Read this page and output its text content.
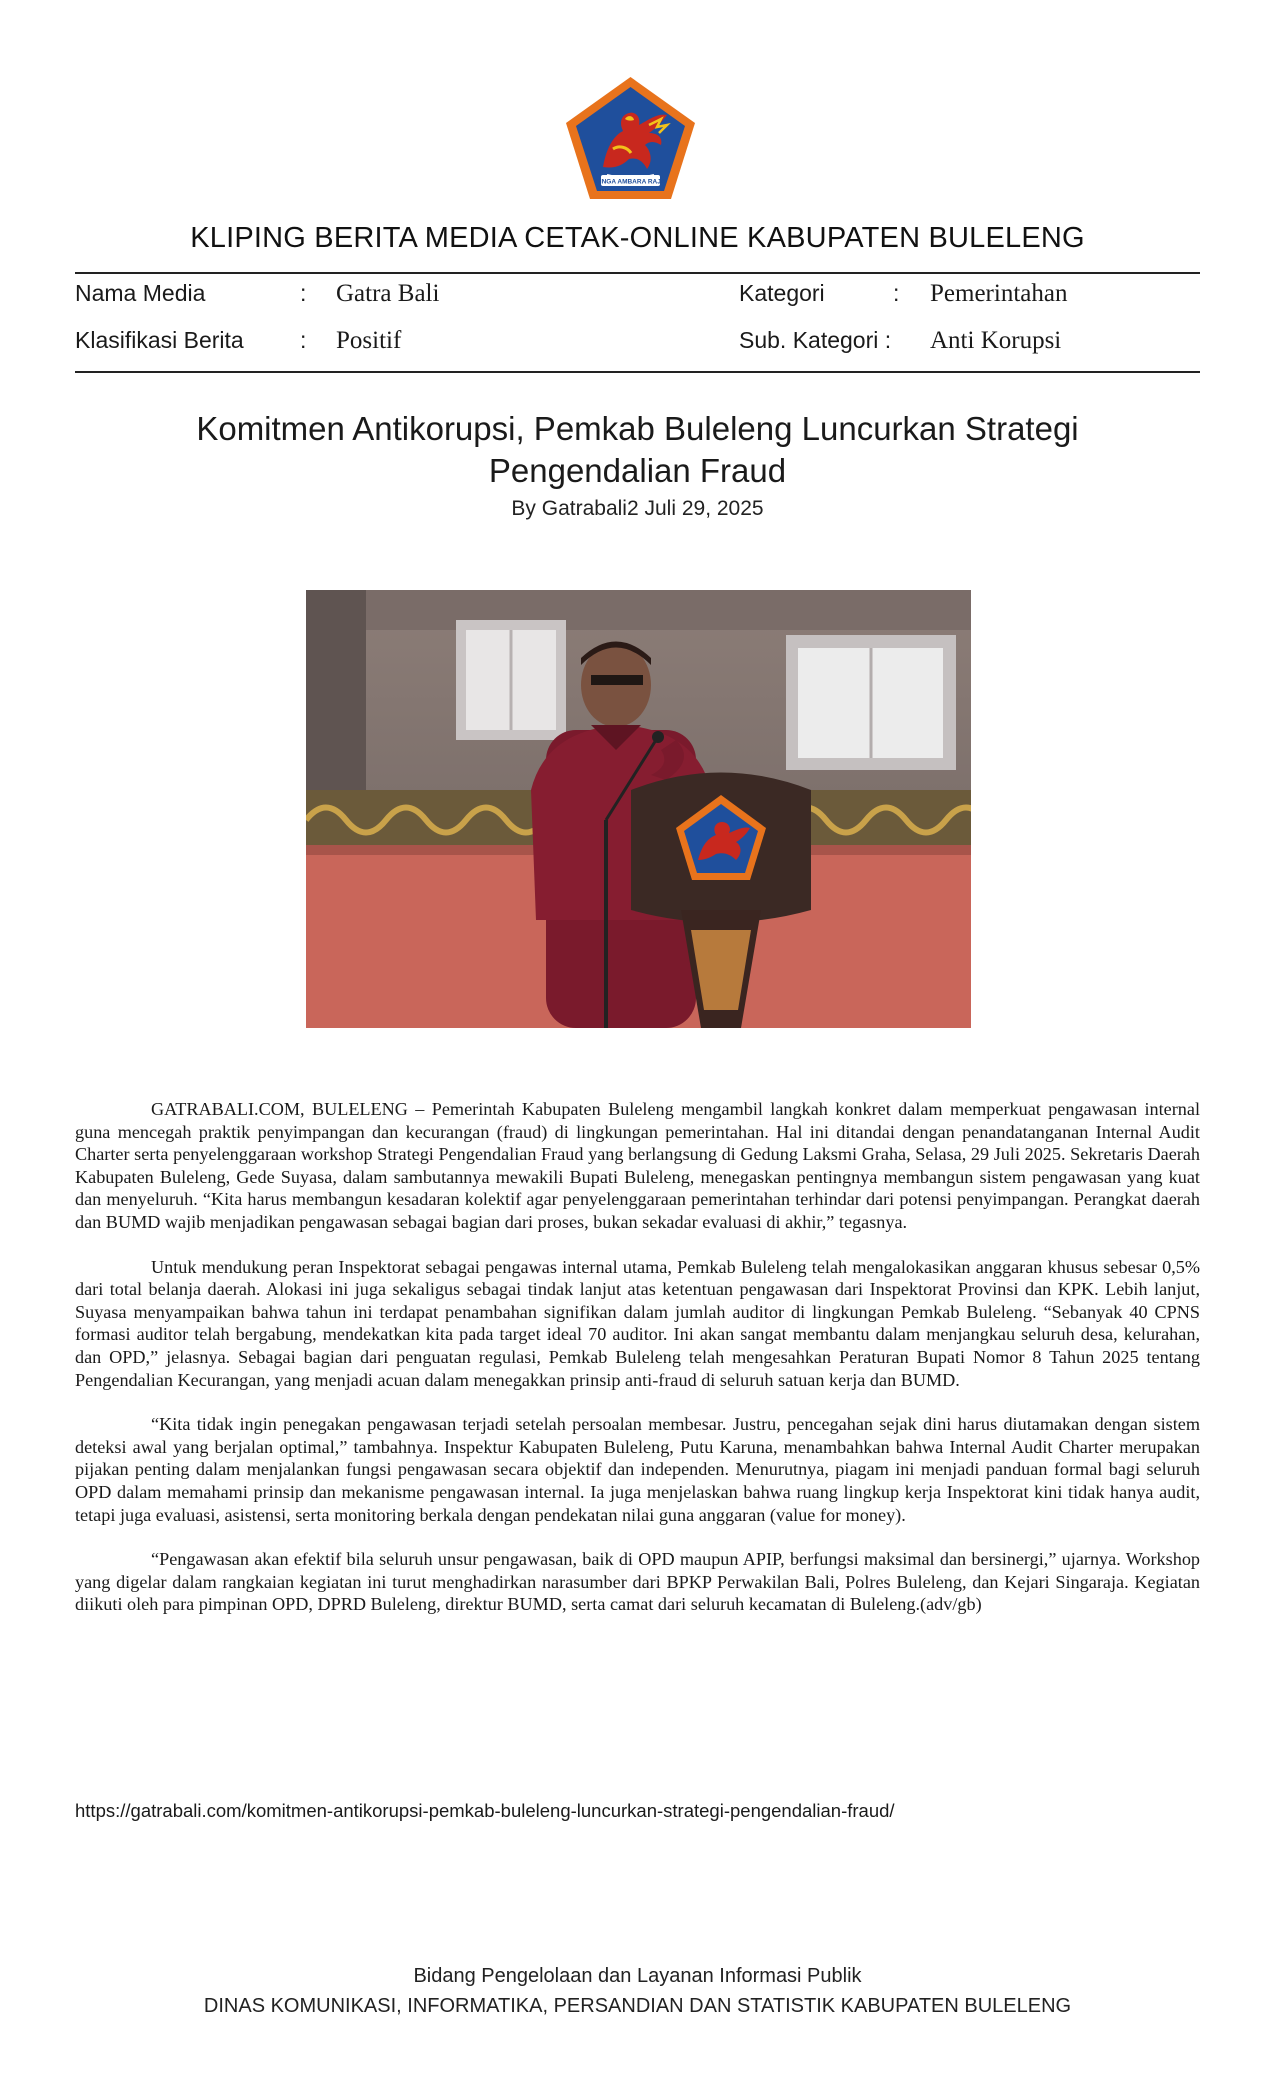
SINGA AMBARA RAJA
KLIPING BERITA MEDIA CETAK-ONLINE KABUPATEN BULELENG
Nama Media	: Gatra Bali	Kategori	: Pemerintahan
Klasifikasi Berita : Positif	Sub. Kategori : Anti Korupsi
Komitmen Antikorupsi, Pemkab Buleleng Luncurkan Strategi Pengendalian Fraud
By Gatrabali2 Juli 29, 2025

GATRABALI.COM, BULELENG – Pemerintah Kabupaten Buleleng mengambil langkah konkret dalam memperkuat pengawasan internal guna mencegah praktik penyimpangan dan kecurangan (fraud) di lingkungan pemerintahan. Hal ini ditandai dengan penandatanganan Internal Audit Charter serta penyelenggaraan workshop Strategi Pengendalian Fraud yang berlangsung di Gedung Laksmi Graha, Selasa, 29 Juli 2025. Sekretaris Daerah Kabupaten Buleleng, Gede Suyasa, dalam sambutannya mewakili Bupati Buleleng, menegaskan pentingnya membangun sistem pengawasan yang kuat dan menyeluruh. “Kita harus membangun kesadaran kolektif agar penyelenggaraan pemerintahan terhindar dari potensi penyimpangan. Perangkat daerah dan BUMD wajib menjadikan pengawasan sebagai bagian dari proses, bukan sekadar evaluasi di akhir,” tegasnya.

Untuk mendukung peran Inspektorat sebagai pengawas internal utama, Pemkab Buleleng telah mengalokasikan anggaran khusus sebesar 0,5% dari total belanja daerah. Alokasi ini juga sekaligus sebagai tindak lanjut atas ketentuan pengawasan dari Inspektorat Provinsi dan KPK. Lebih lanjut, Suyasa menyampaikan bahwa tahun ini terdapat penambahan signifikan dalam jumlah auditor di lingkungan Pemkab Buleleng. “Sebanyak 40 CPNS formasi auditor telah bergabung, mendekatkan kita pada target ideal 70 auditor. Ini akan sangat membantu dalam menjangkau seluruh desa, kelurahan, dan OPD,” jelasnya. Sebagai bagian dari penguatan regulasi, Pemkab Buleleng telah mengesahkan Peraturan Bupati Nomor 8 Tahun 2025 tentang Pengendalian Kecurangan, yang menjadi acuan dalam menegakkan prinsip anti-fraud di seluruh satuan kerja dan BUMD.

“Kita tidak ingin penegakan pengawasan terjadi setelah persoalan membesar. Justru, pencegahan sejak dini harus diutamakan dengan sistem deteksi awal yang berjalan optimal,” tambahnya. Inspektur Kabupaten Buleleng, Putu Karuna, menambahkan bahwa Internal Audit Charter merupakan pijakan penting dalam menjalankan fungsi pengawasan secara objektif dan independen. Menurutnya, piagam ini menjadi panduan formal bagi seluruh OPD dalam memahami prinsip dan mekanisme pengawasan internal. Ia juga menjelaskan bahwa ruang lingkup kerja Inspektorat kini tidak hanya audit, tetapi juga evaluasi, asistensi, serta monitoring berkala dengan pendekatan nilai guna anggaran (value for money).

“Pengawasan akan efektif bila seluruh unsur pengawasan, baik di OPD maupun APIP, berfungsi maksimal dan bersinergi,” ujarnya. Workshop yang digelar dalam rangkaian kegiatan ini turut menghadirkan narasumber dari BPKP Perwakilan Bali, Polres Buleleng, dan Kejari Singaraja. Kegiatan diikuti oleh para pimpinan OPD, DPRD Buleleng, direktur BUMD, serta camat dari seluruh kecamatan di Buleleng.(adv/gb)

https://gatrabali.com/komitmen-antikorupsi-pemkab-buleleng-luncurkan-strategi-pengendalian-fraud/
Bidang Pengelolaan dan Layanan Informasi Publik
DINAS KOMUNIKASI, INFORMATIKA, PERSANDIAN DAN STATISTIK KABUPATEN BULELENG
